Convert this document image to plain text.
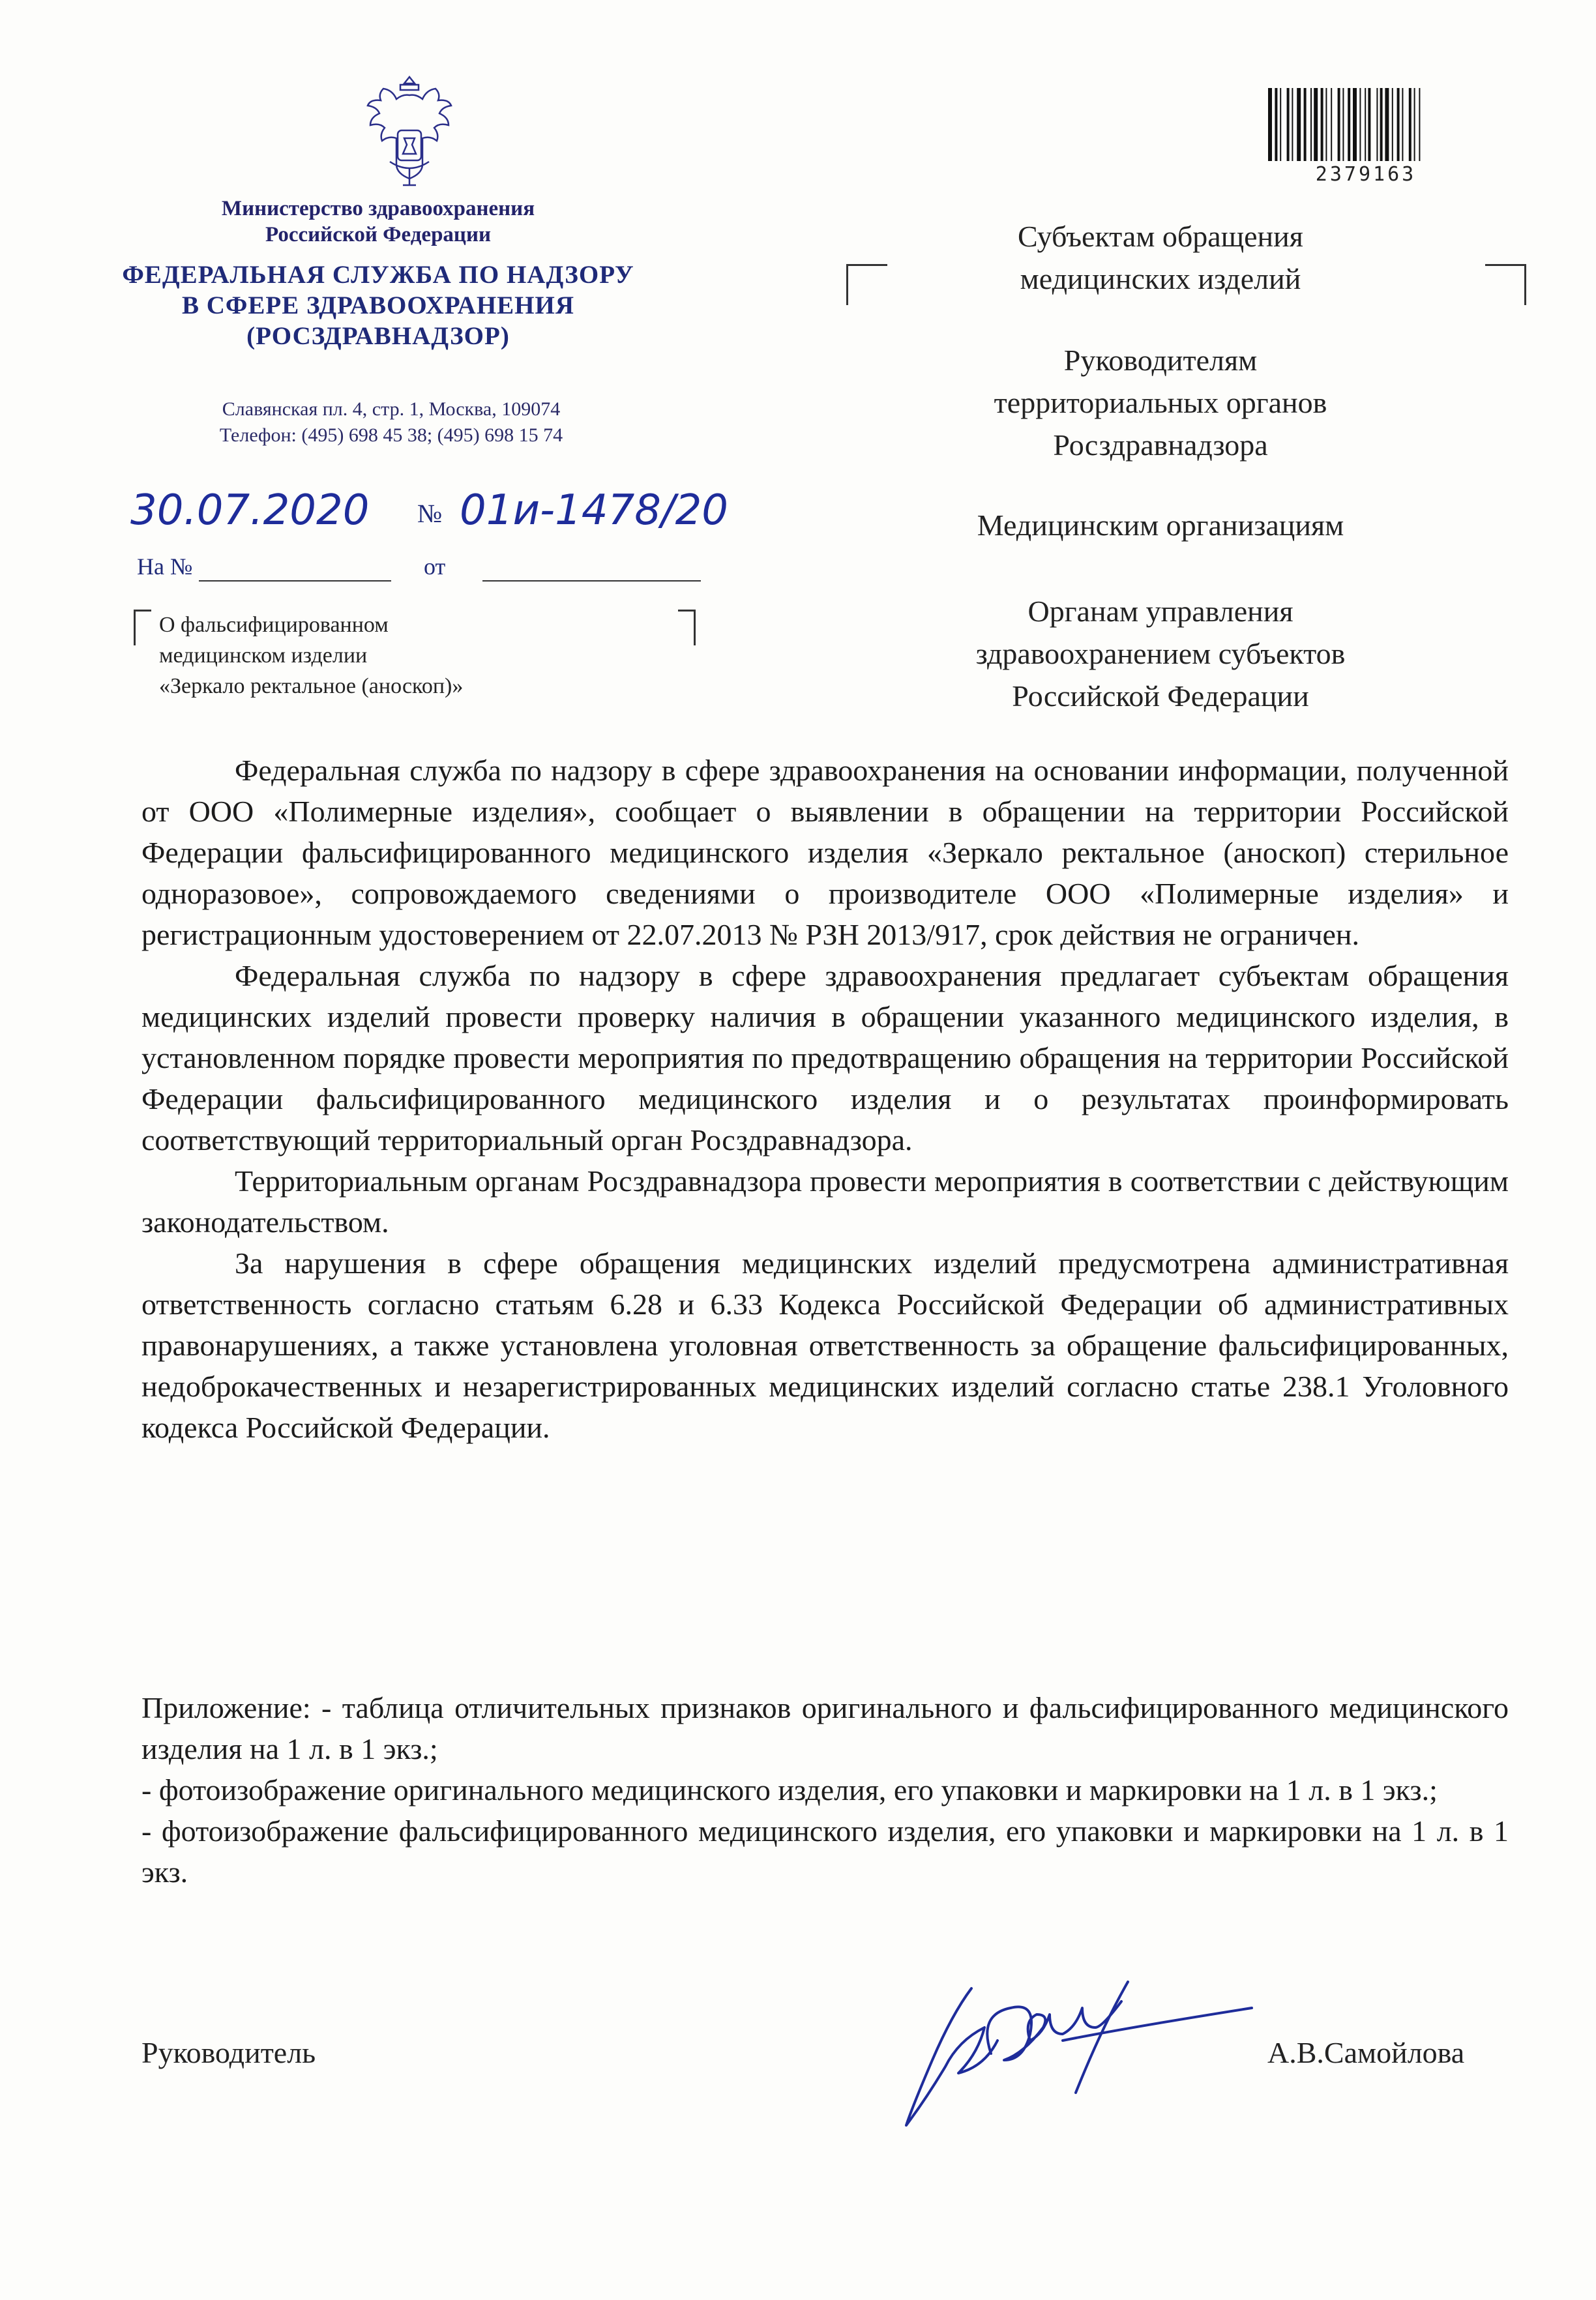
Министерство здравоохранения
Российской Федерации
ФЕДЕРАЛЬНАЯ СЛУЖБА ПО НАДЗОРУ
В СФЕРЕ ЗДРАВООХРАНЕНИЯ
(РОСЗДРАВНАДЗОР)
Славянская пл. 4, стр. 1, Москва, 109074
Телефон: (495) 698 45 38; (495) 698 15 74
2379163
30.07.2020 № 01и-1478/20
На №	от
О фальсифицированном
медицинском изделии
«Зеркало ректальное (аноскоп)»
Субъектам обращения
медицинских изделий
Руководителям
территориальных органов
Росздравнадзора
Медицинским организациям
Органам управления
здравоохранением субъектов
Российской Федерации

Федеральная служба по надзору в сфере здравоохранения на основании информации, полученной от ООО «Полимерные изделия», сообщает о выявлении в обращении на территории Российской Федерации фальсифицированного медицинского изделия «Зеркало ректальное (аноскоп) стерильное одноразовое», сопровождаемого сведениями о производителе ООО «Полимерные изделия» и регистрационным удостоверением от 22.07.2013 № РЗН 2013/917, срок действия не ограничен.

Федеральная служба по надзору в сфере здравоохранения предлагает субъектам обращения медицинских изделий провести проверку наличия в обращении указанного медицинского изделия, в установленном порядке провести мероприятия по предотвращению обращения на территории Российской Федерации фальсифицированного медицинского изделия и о результатах проинформировать соответствующий территориальный орган Росздравнадзора.

Территориальным органам Росздравнадзора провести мероприятия в соответствии с действующим законодательством.

За нарушения в сфере обращения медицинских изделий предусмотрена административная ответственность согласно статьям 6.28 и 6.33 Кодекса Российской Федерации об административных правонарушениях, а также установлена уголовная ответственность за обращение фальсифицированных, недоброкачественных и незарегистрированных медицинских изделий согласно статье 238.1 Уголовного кодекса Российской Федерации.

Приложение: - таблица отличительных признаков оригинального и фальсифицированного медицинского изделия на 1 л. в 1 экз.;

- фотоизображение оригинального медицинского изделия, его упаковки и маркировки на 1 л. в 1 экз.;

- фотоизображение фальсифицированного медицинского изделия, его упаковки и маркировки на 1 л. в 1 экз.

Руководитель	А.В.Самойлова
